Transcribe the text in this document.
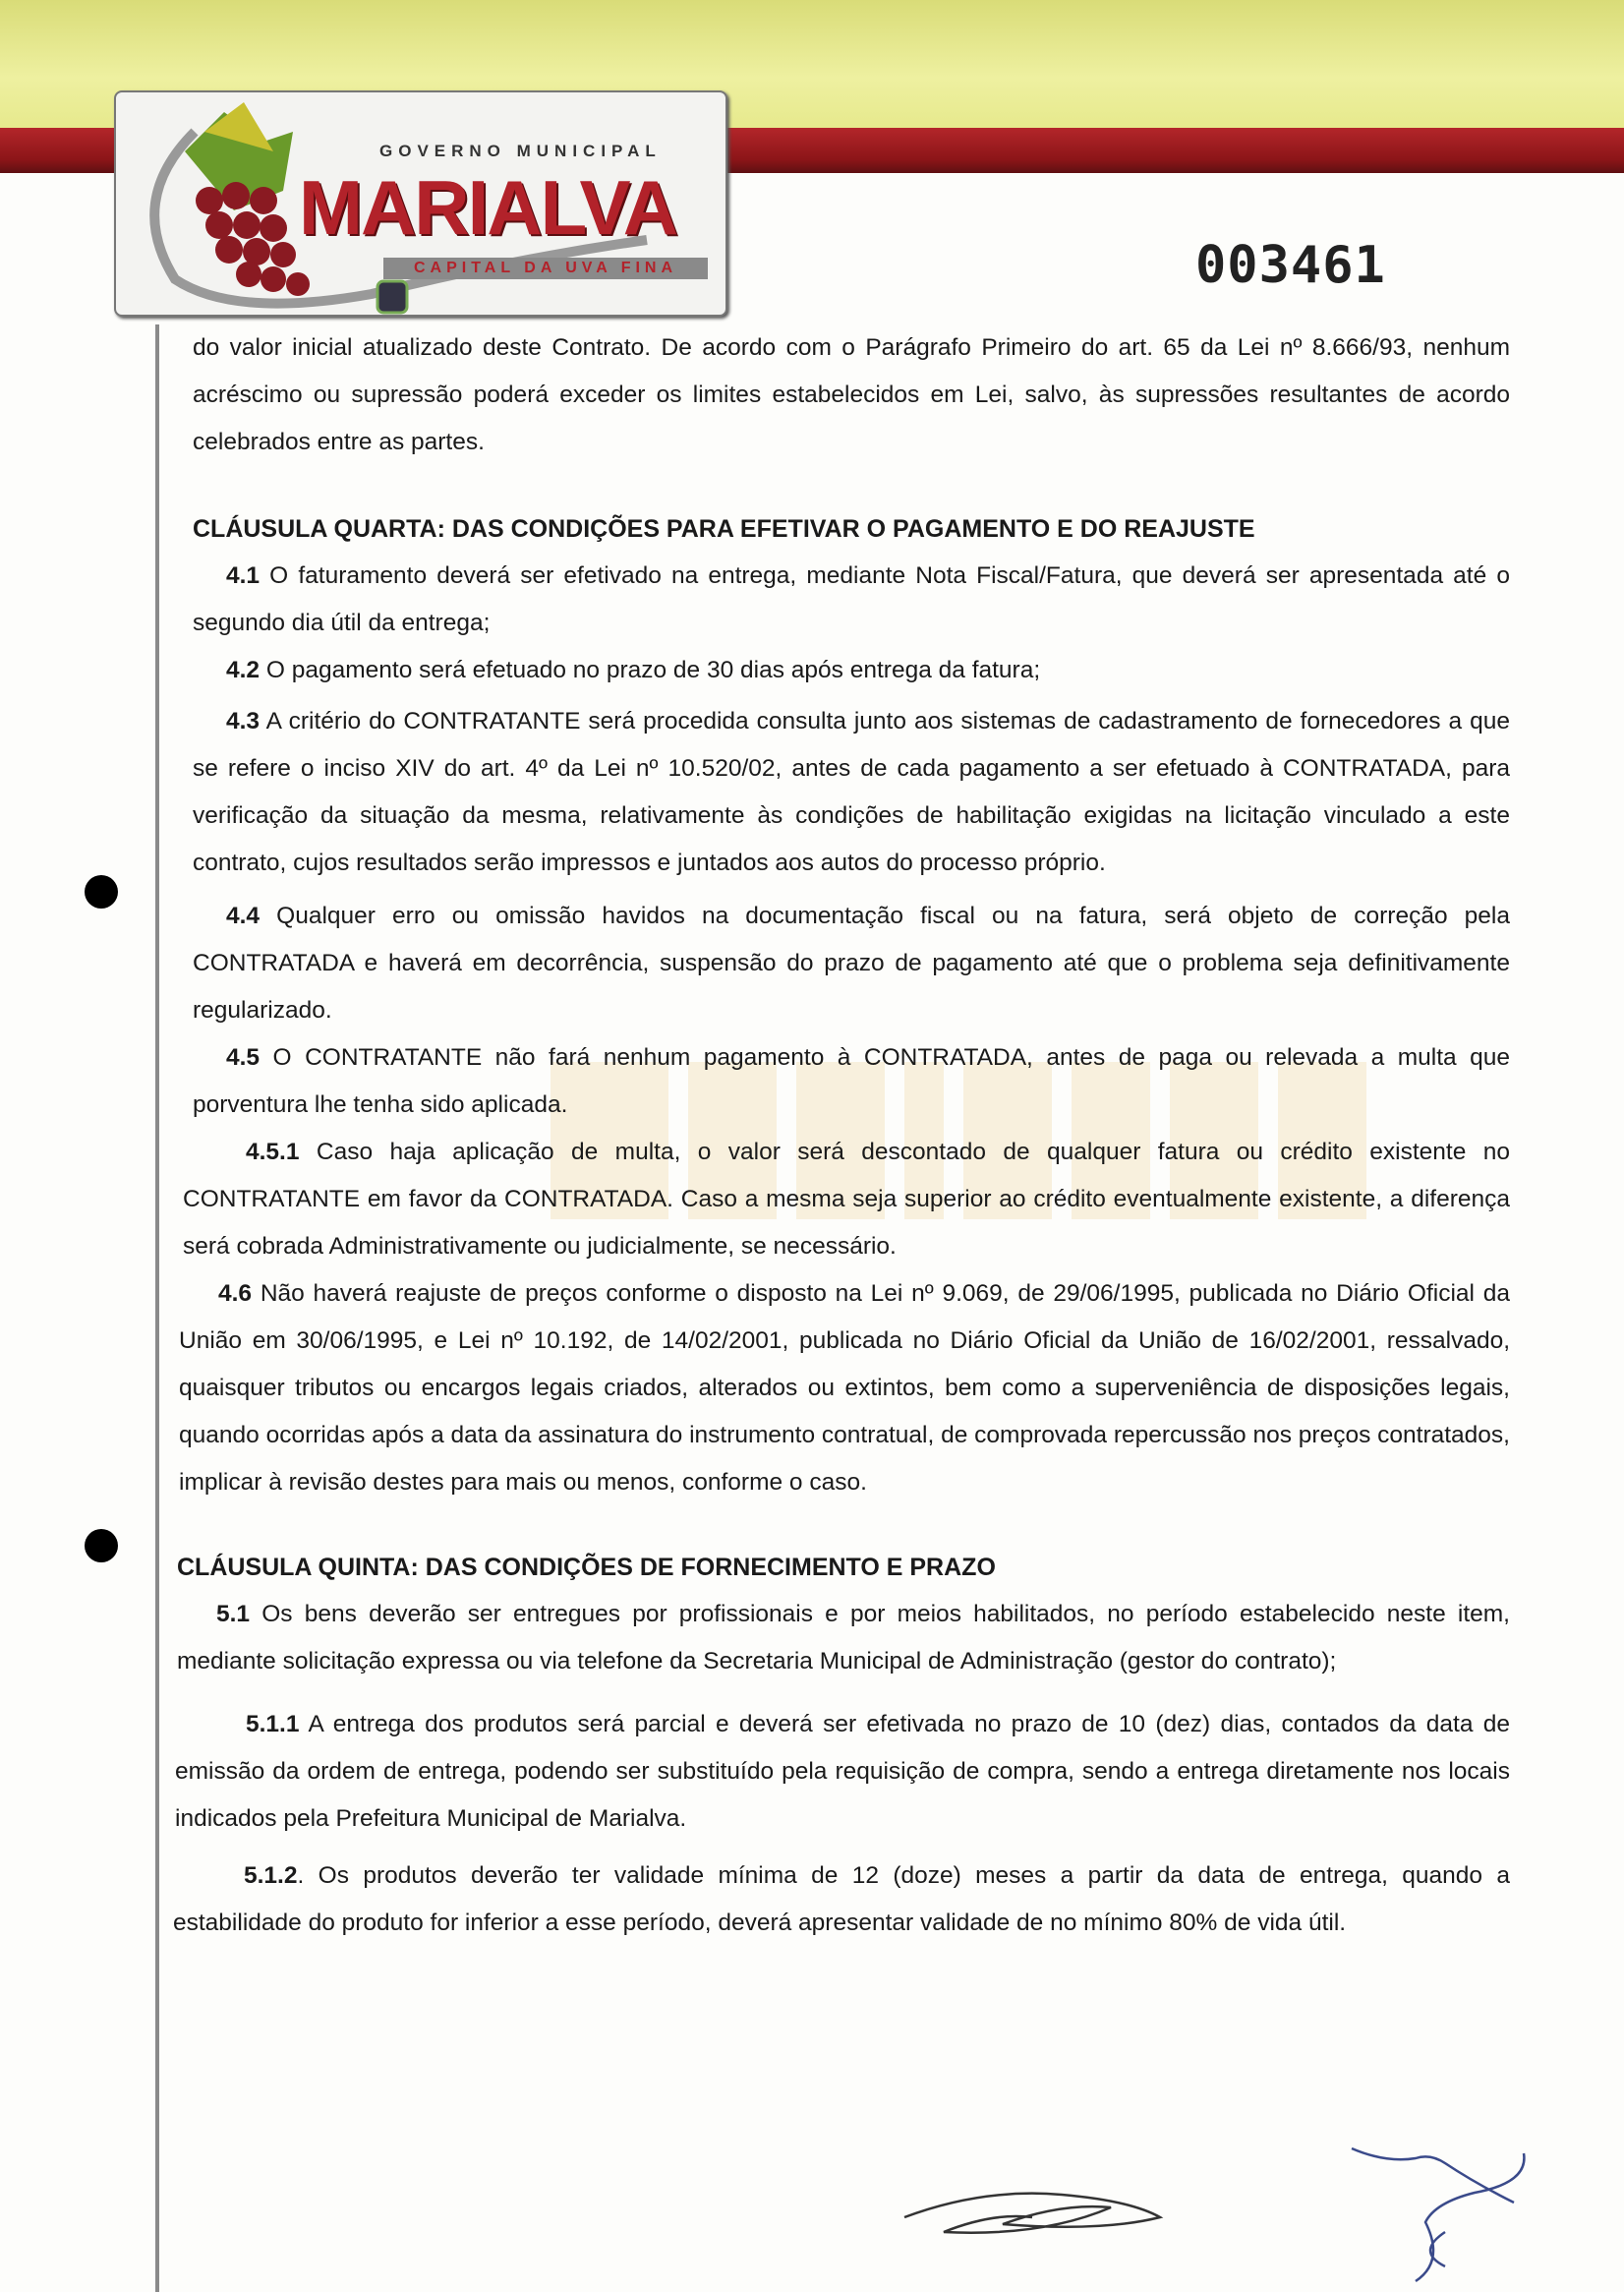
GOVERNO MUNICIPAL
MARIALVA
CAPITAL DA UVA FINA	003461
do valor inicial atualizado deste Contrato. De acordo com o Parágrafo Primeiro do art. 65 da Lei nº 8.666/93, nenhum acréscimo ou supressão poderá exceder os limites estabelecidos em Lei, salvo, às supressões resultantes de acordo celebrados entre as partes.
CLÁUSULA QUARTA: DAS CONDIÇÕES PARA EFETIVAR O PAGAMENTO E DO REAJUSTE
4.1 O faturamento deverá ser efetivado na entrega, mediante Nota Fiscal/Fatura, que deverá ser apresentada até o segundo dia útil da entrega;
4.2 O pagamento será efetuado no prazo de 30 dias após entrega da fatura;
4.3 A critério do CONTRATANTE será procedida consulta junto aos sistemas de cadastramento de fornecedores a que se refere o inciso XIV do art. 4º da Lei nº 10.520/02, antes de cada pagamento a ser efetuado à CONTRATADA, para verificação da situação da mesma, relativamente às condições de habilitação exigidas na licitação vinculado a este contrato, cujos resultados serão impressos e juntados aos autos do processo próprio.
4.4 Qualquer erro ou omissão havidos na documentação fiscal ou na fatura, será objeto de correção pela CONTRATADA e haverá em decorrência, suspensão do prazo de pagamento até que o problema seja definitivamente regularizado.
4.5 O CONTRATANTE não fará nenhum pagamento à CONTRATADA, antes de paga ou relevada a multa que porventura lhe tenha sido aplicada.
4.5.1 Caso haja aplicação de multa, o valor será descontado de qualquer fatura ou crédito existente no CONTRATANTE em favor da CONTRATADA. Caso a mesma seja superior ao crédito eventualmente existente, a diferença será cobrada Administrativamente ou judicialmente, se necessário.
4.6 Não haverá reajuste de preços conforme o disposto na Lei nº 9.069, de 29/06/1995, publicada no Diário Oficial da União em 30/06/1995, e Lei nº 10.192, de 14/02/2001, publicada no Diário Oficial da União de 16/02/2001, ressalvado, quaisquer tributos ou encargos legais criados, alterados ou extintos, bem como a superveniência de disposições legais, quando ocorridas após a data da assinatura do instrumento contratual, de comprovada repercussão nos preços contratados, implicar à revisão destes para mais ou menos, conforme o caso.
CLÁUSULA QUINTA: DAS CONDIÇÕES DE FORNECIMENTO E PRAZO
5.1 Os bens deverão ser entregues por profissionais e por meios habilitados, no período estabelecido neste item, mediante solicitação expressa ou via telefone da Secretaria Municipal de Administração (gestor do contrato);
5.1.1 A entrega dos produtos será parcial e deverá ser efetivada no prazo de 10 (dez) dias, contados da data de emissão da ordem de entrega, podendo ser substituído pela requisição de compra, sendo a entrega diretamente nos locais indicados pela Prefeitura Municipal de Marialva.
5.1.2. Os produtos deverão ter validade mínima de 12 (doze) meses a partir da data de entrega, quando a estabilidade do produto for inferior a esse período, deverá apresentar validade de no mínimo 80% de vida útil.
